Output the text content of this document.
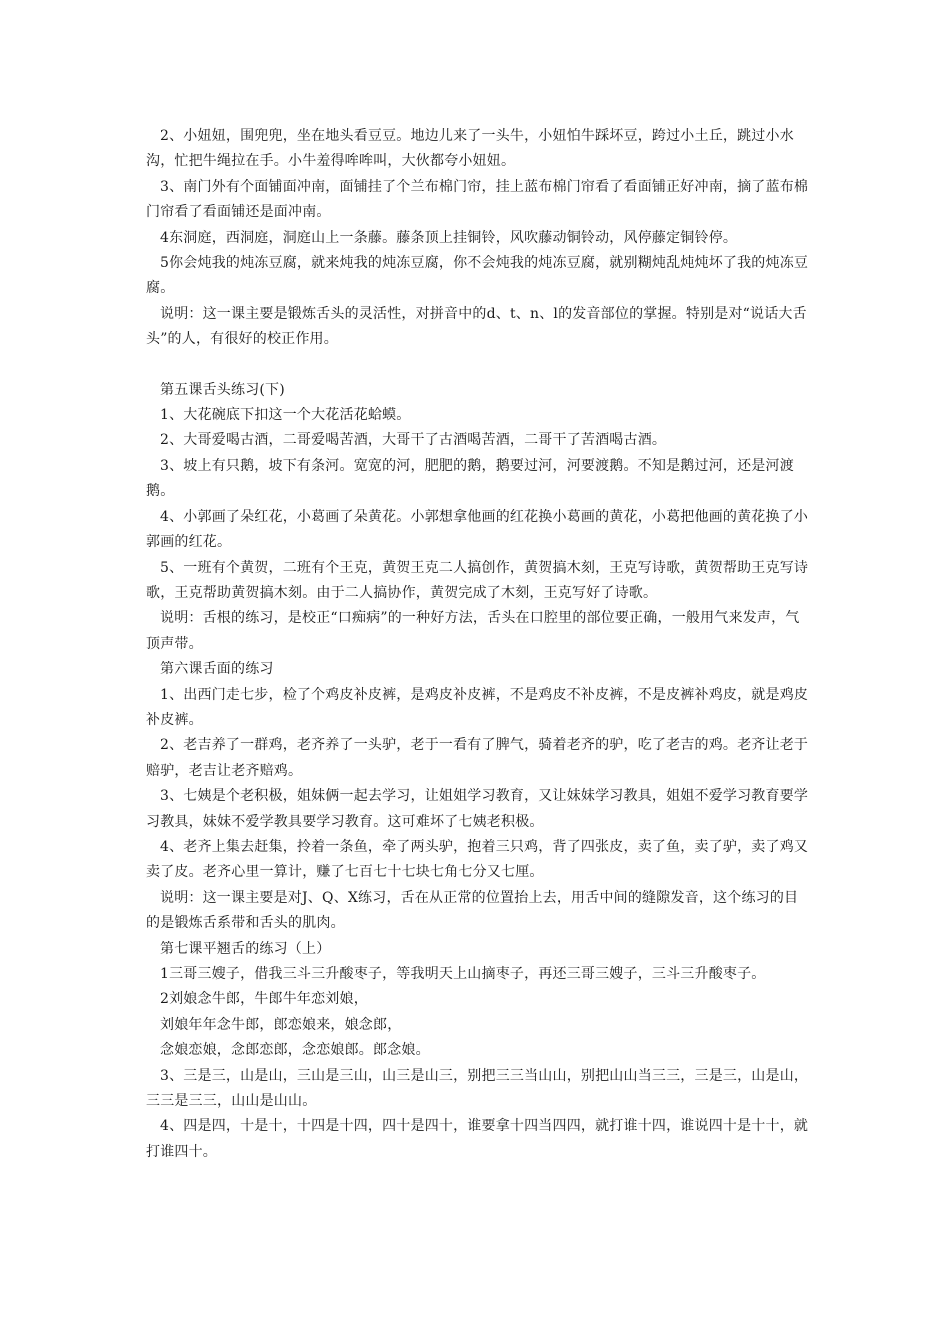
2、小妞妞，围兜兜，坐在地头看豆豆。地边儿来了一头牛，小妞怕牛踩坏豆，跨过小土丘，跳过小水沟，忙把牛绳拉在手。小牛羞得哞哞叫，大伙都夸小妞妞。

3、南门外有个面铺面冲南，面铺挂了个兰布棉门帘，挂上蓝布棉门帘看了看面铺正好冲南，摘了蓝布棉门帘看了看面铺还是面冲南。

4东洞庭，西洞庭，洞庭山上一条藤。藤条顶上挂铜铃，风吹藤动铜铃动，风停藤定铜铃停。

5你会炖我的炖冻豆腐，就来炖我的炖冻豆腐，你不会炖我的炖冻豆腐，就别糊炖乱炖炖坏了我的炖冻豆腐。

说明：这一课主要是锻炼舌头的灵活性，对拼音中的d、t、n、l的发音部位的掌握。特别是对“说话大舌头”的人，有很好的校正作用。

第五课舌头练习(下)

1、大花碗底下扣这一个大花活花蛤蟆。

2、大哥爱喝古酒，二哥爱喝苦酒，大哥干了古酒喝苦酒，二哥干了苦酒喝古酒。

3、坡上有只鹅，坡下有条河。宽宽的河，肥肥的鹅，鹅要过河，河要渡鹅。不知是鹅过河，还是河渡鹅。

4、小郭画了朵红花，小葛画了朵黄花。小郭想拿他画的红花换小葛画的黄花，小葛把他画的黄花换了小郭画的红花。

5、一班有个黄贺，二班有个王克，黄贺王克二人搞创作，黄贺搞木刻，王克写诗歌，黄贺帮助王克写诗歌，王克帮助黄贺搞木刻。由于二人搞协作，黄贺完成了木刻，王克写好了诗歌。

说明：舌根的练习，是校正“口痴病”的一种好方法，舌头在口腔里的部位要正确，一般用气来发声，气顶声带。

第六课舌面的练习

1、出西门走七步，检了个鸡皮补皮裤，是鸡皮补皮裤，不是鸡皮不补皮裤，不是皮裤补鸡皮，就是鸡皮补皮裤。

2、老吉养了一群鸡，老齐养了一头驴，老于一看有了脾气，骑着老齐的驴，吃了老吉的鸡。老齐让老于赔驴，老吉让老齐赔鸡。

3、七姨是个老积极，姐妹俩一起去学习，让姐姐学习教育，又让妹妹学习教具，姐姐不爱学习教育要学习教具，妹妹不爱学教具要学习教育。这可难坏了七姨老积极。

4、老齐上集去赶集，拎着一条鱼，牵了两头驴，抱着三只鸡，背了四张皮，卖了鱼，卖了驴，卖了鸡又卖了皮。老齐心里一算计，赚了七百七十七块七角七分又七厘。

说明：这一课主要是对J、Q、X练习，舌在从正常的位置抬上去，用舌中间的缝隙发音，这个练习的目的是锻炼舌系带和舌头的肌肉。

第七课平翘舌的练习（上）

1三哥三嫂子，借我三斗三升酸枣子，等我明天上山摘枣子，再还三哥三嫂子，三斗三升酸枣子。

2刘娘念牛郎，牛郎牛年恋刘娘，

刘娘年年念牛郎，郎恋娘来，娘念郎，

念娘恋娘，念郎恋郎，念恋娘郎。郎念娘。

3、三是三，山是山，三山是三山，山三是山三，别把三三当山山，别把山山当三三，三是三，山是山，三三是三三，山山是山山。

4、四是四，十是十，十四是十四，四十是四十，谁要拿十四当四四，就打谁十四，谁说四十是十十，就打谁四十。
